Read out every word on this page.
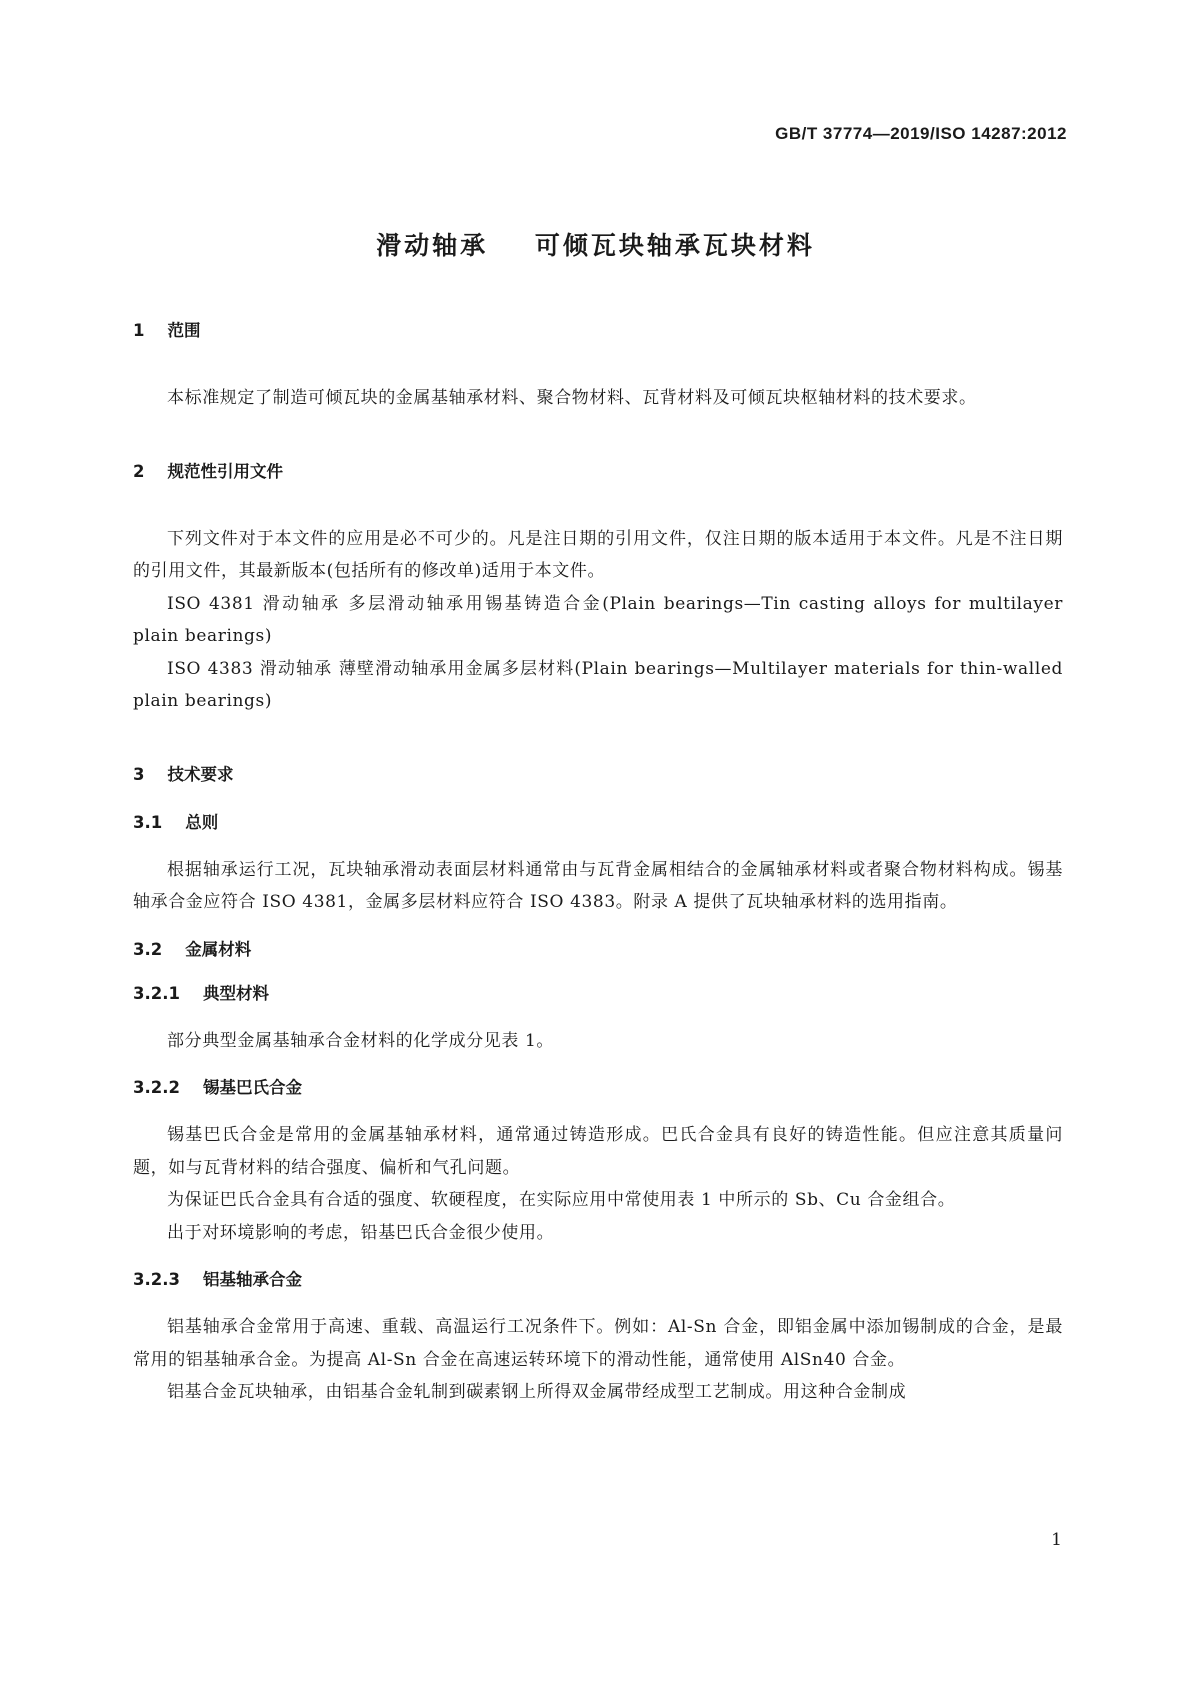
GB/T 37774—2019/ISO 14287:2012
滑动轴承    可倾瓦块轴承瓦块材料
1    范围

本标准规定了制造可倾瓦块的金属基轴承材料、聚合物材料、瓦背材料及可倾瓦块枢轴材料的技术要求。

2    规范性引用文件

下列文件对于本文件的应用是必不可少的。凡是注日期的引用文件，仅注日期的版本适用于本文件。凡是不注日期的引用文件，其最新版本(包括所有的修改单)适用于本文件。

ISO 4381 滑动轴承 多层滑动轴承用锡基铸造合金(Plain bearings—Tin casting alloys for multilayer plain bearings)

ISO 4383 滑动轴承 薄壁滑动轴承用金属多层材料(Plain bearings—Multilayer materials for thin-walled plain bearings)

3    技术要求
3.1    总则

根据轴承运行工况，瓦块轴承滑动表面层材料通常由与瓦背金属相结合的金属轴承材料或者聚合物材料构成。锡基轴承合金应符合 ISO 4381，金属多层材料应符合 ISO 4383。附录 A 提供了瓦块轴承材料的选用指南。

3.2    金属材料
3.2.1    典型材料

部分典型金属基轴承合金材料的化学成分见表 1。

3.2.2    锡基巴氏合金

锡基巴氏合金是常用的金属基轴承材料，通常通过铸造形成。巴氏合金具有良好的铸造性能。但应注意其质量问题，如与瓦背材料的结合强度、偏析和气孔问题。

为保证巴氏合金具有合适的强度、软硬程度，在实际应用中常使用表 1 中所示的 Sb、Cu 合金组合。

出于对环境影响的考虑，铅基巴氏合金很少使用。

3.2.3    铝基轴承合金

铝基轴承合金常用于高速、重载、高温运行工况条件下。例如：Al-Sn 合金，即铝金属中添加锡制成的合金，是最常用的铝基轴承合金。为提高 Al-Sn 合金在高速运转环境下的滑动性能，通常使用 AlSn40 合金。

铝基合金瓦块轴承，由铝基合金轧制到碳素钢上所得双金属带经成型工艺制成。用这种合金制成

1
